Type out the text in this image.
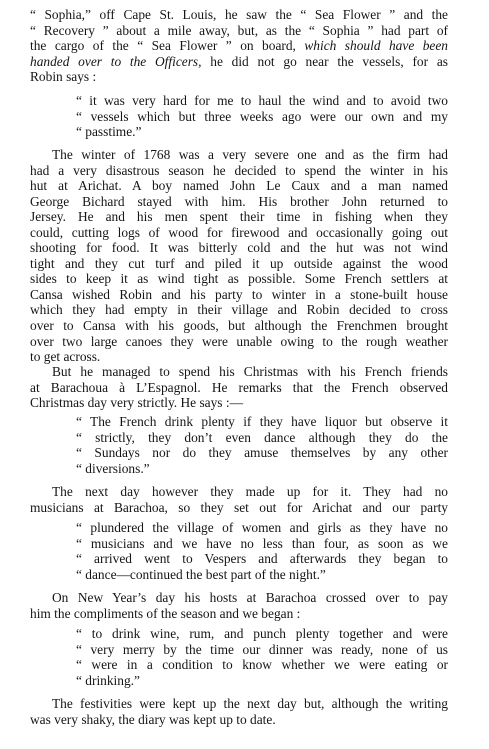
“ Sophia,” off Cape St. Louis, he saw the “ Sea Flower ” and the
“ Recovery ” about a mile away, but, as the “ Sophia ” had part of
the cargo of the “ Sea Flower ” on board, which should have been
handed over to the Officers, he did not go near the vessels, for as
Robin says :
“ it was very hard for me to haul the wind and to avoid two
“ vessels which but three weeks ago were our own and my
“ passtime.”
The winter of 1768 was a very severe one and as the firm had
had a very disastrous season he decided to spend the winter in his
hut at Arichat. A boy named John Le Caux and a man named
George Bichard stayed with him. His brother John returned to
Jersey. He and his men spent their time in fishing when they
could, cutting logs of wood for firewood and occasionally going out
shooting for food. It was bitterly cold and the hut was not wind
tight and they cut turf and piled it up outside against the wood
sides to keep it as wind tight as possible. Some French settlers at
Cansa wished Robin and his party to winter in a stone-built house
which they had empty in their village and Robin decided to cross
over to Cansa with his goods, but although the Frenchmen brought
over two large canoes they were unable owing to the rough weather
to get across.
But he managed to spend his Christmas with his French friends
at Barachoua à L’Espagnol. He remarks that the French observed
Christmas day very strictly. He says :—
“ The French drink plenty if they have liquor but observe it
“ strictly, they don’t even dance although they do the
“ Sundays nor do they amuse themselves by any other
“ diversions.”
The next day however they made up for it. They had no
musicians at Barachoa, so they set out for Arichat and our party
“ plundered the village of women and girls as they have no
“ musicians and we have no less than four, as soon as we
“ arrived went to Vespers and afterwards they began to
“ dance—continued the best part of the night.”
On New Year’s day his hosts at Barachoa crossed over to pay
him the compliments of the season and we began :
“ to drink wine, rum, and punch plenty together and were
“ very merry by the time our dinner was ready, none of us
“ were in a condition to know whether we were eating or
“ drinking.”
The festivities were kept up the next day but, although the writing
was very shaky, the diary was kept up to date.
